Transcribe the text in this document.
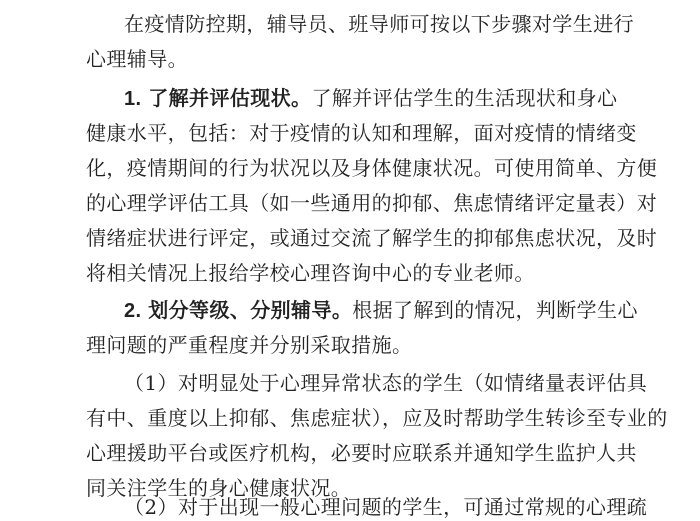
在疫情防控期，辅导员、班导师可按以下步骤对学生进行
心理辅导。
1. 了解并评估现状。了解并评估学生的生活现状和身心
健康水平，包括：对于疫情的认知和理解，面对疫情的情绪变
化，疫情期间的行为状况以及身体健康状况。可使用简单、方便
的心理学评估工具（如一些通用的抑郁、焦虑情绪评定量表）对
情绪症状进行评定，或通过交流了解学生的抑郁焦虑状况，及时
将相关情况上报给学校心理咨询中心的专业老师。
2. 划分等级、分别辅导。根据了解到的情况，判断学生心
理问题的严重程度并分别采取措施。
（1）对明显处于心理异常状态的学生（如情绪量表评估具
有中、重度以上抑郁、焦虑症状），应及时帮助学生转诊至专业的
心理援助平台或医疗机构，必要时应联系并通知学生监护人共
同关注学生的身心健康状况。
（2）对于出现一般心理问题的学生，可通过常规的心理疏
